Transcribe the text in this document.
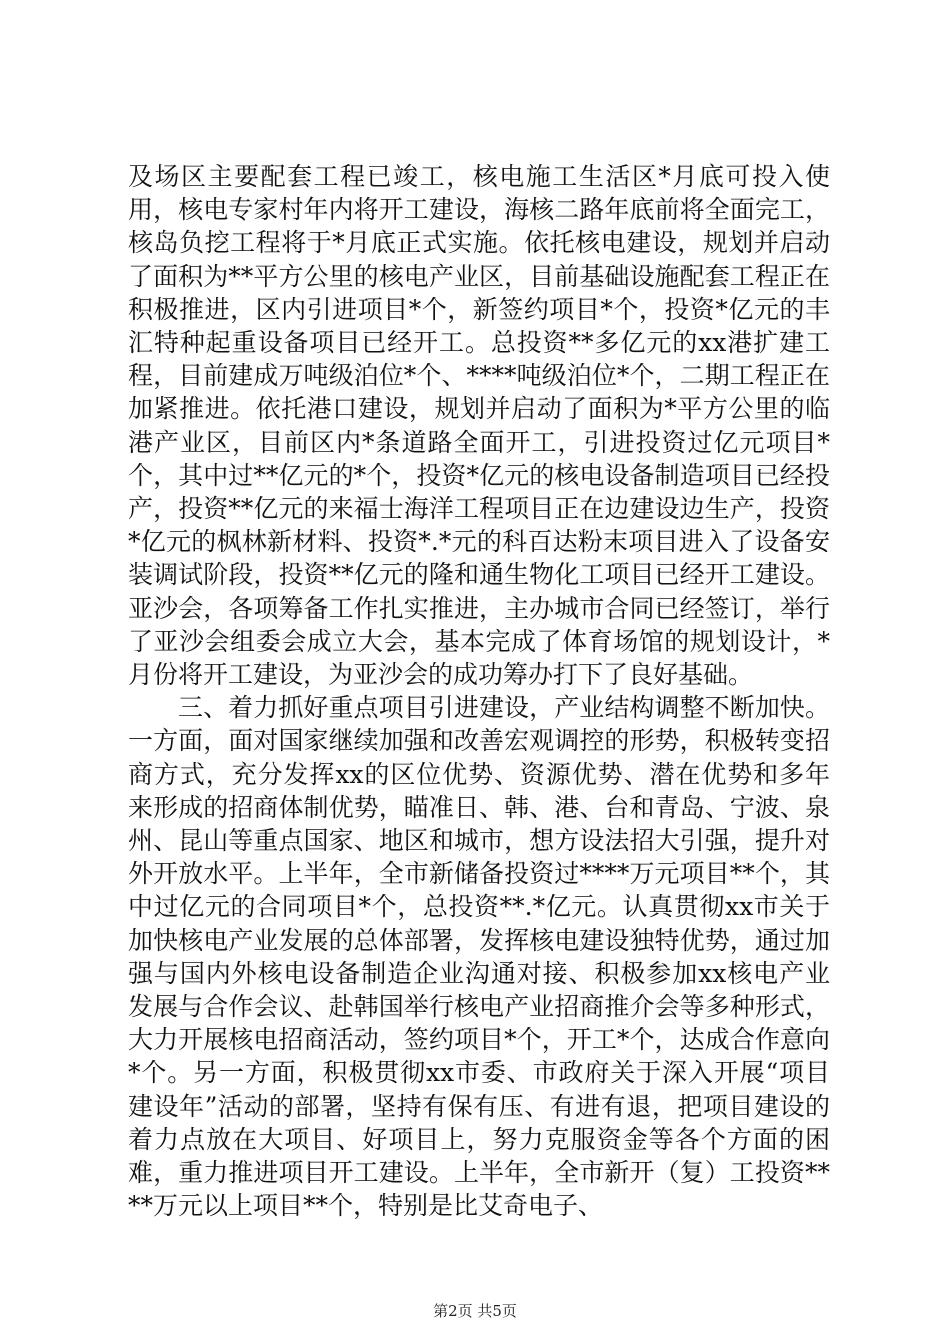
及场区主要配套工程已竣工，核电施工生活区*月底可投入使用，核电专家村年内将开工建设，海核二路年底前将全面完工，核岛负挖工程将于*月底正式实施。依托核电建设，规划并启动了面积为**平方公里的核电产业区，目前基础设施配套工程正在积极推进，区内引进项目*个，新签约项目*个，投资*亿元的丰汇特种起重设备项目已经开工。总投资**多亿元的xx港扩建工程，目前建成万吨级泊位*个、****吨级泊位*个，二期工程正在加紧推进。依托港口建设，规划并启动了面积为*平方公里的临港产业区，目前区内*条道路全面开工，引进投资过亿元项目*个，其中过**亿元的*个，投资*亿元的核电设备制造项目已经投产，投资**亿元的来福士海洋工程项目正在边建设边生产，投资*亿元的枫林新材料、投资*.*元的科百达粉末项目进入了设备安装调试阶段，投资**亿元的隆和通生物化工项目已经开工建设。亚沙会，各项筹备工作扎实推进，主办城市合同已经签订，举行了亚沙会组委会成立大会，基本完成了体育场馆的规划设计，*月份将开工建设，为亚沙会的成功筹办打下了良好基础。

三、着力抓好重点项目引进建设，产业结构调整不断加快。一方面，面对国家继续加强和改善宏观调控的形势，积极转变招商方式，充分发挥xx的区位优势、资源优势、潜在优势和多年来形成的招商体制优势，瞄准日、韩、港、台和青岛、宁波、泉州、昆山等重点国家、地区和城市，想方设法招大引强，提升对外开放水平。上半年，全市新储备投资过****万元项目**个，其中过亿元的合同项目*个，总投资**.*亿元。认真贯彻xx市关于加快核电产业发展的总体部署，发挥核电建设独特优势，通过加强与国内外核电设备制造企业沟通对接、积极参加xx核电产业发展与合作会议、赴韩国举行核电产业招商推介会等多种形式，大力开展核电招商活动，签约项目*个，开工*个，达成合作意向*个。另一方面，积极贯彻xx市委、市政府关于深入开展“项目建设年”活动的部署，坚持有保有压、有进有退，把项目建设的着力点放在大项目、好项目上，努力克服资金等各个方面的困难，重力推进项目开工建设。上半年，全市新开（复）工投资****万元以上项目**个，特别是比艾奇电子、

第2页 共5页
